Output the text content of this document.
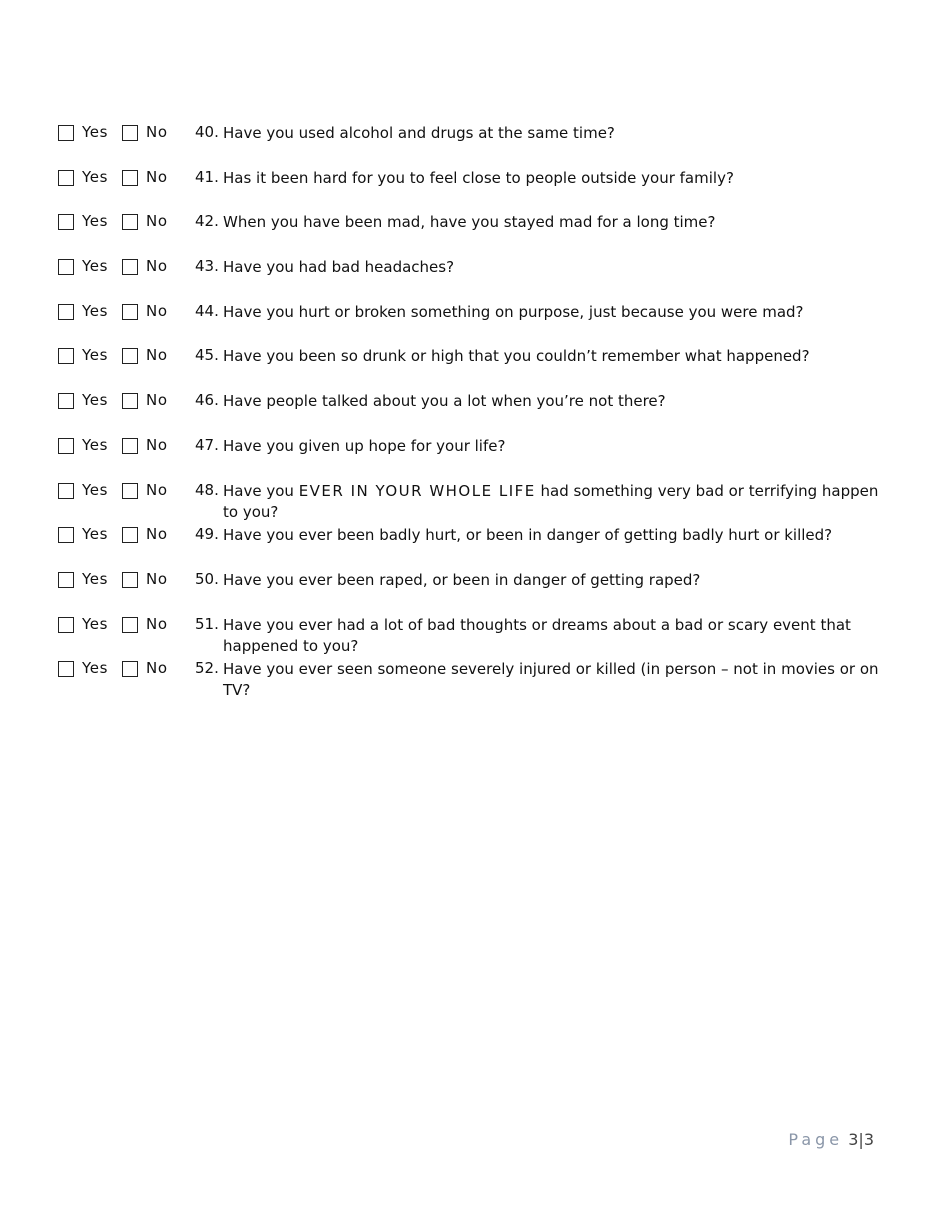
Yes	No 40. Have you used alcohol and drugs at the same time?
Yes	No 41. Has it been hard for you to feel close to people outside your family?
Yes	No 42. When you have been mad, have you stayed mad for a long time?
Yes	No 43. Have you had bad headaches?
Yes	No 44. Have you hurt or broken something on purpose, just because you were mad?
Yes	No 45. Have you been so drunk or high that you couldn’t remember what happened?
Yes	No 46. Have people talked about you a lot when you’re not there?
Yes	No 47. Have you given up hope for your life?
Yes	No 48. Have you EVER IN YOUR WHOLE LIFE had something very bad or terrifying happen to you?
Yes	No 49. Have you ever been badly hurt, or been in danger of getting badly hurt or killed?
Yes	No 50. Have you ever been raped, or been in danger of getting raped?
Yes	No 51. Have you ever had a lot of bad thoughts or dreams about a bad or scary event that happened to you?
Yes	No 52. Have you ever seen someone severely injured or killed (in person – not in movies or on TV?
Page 3|3
